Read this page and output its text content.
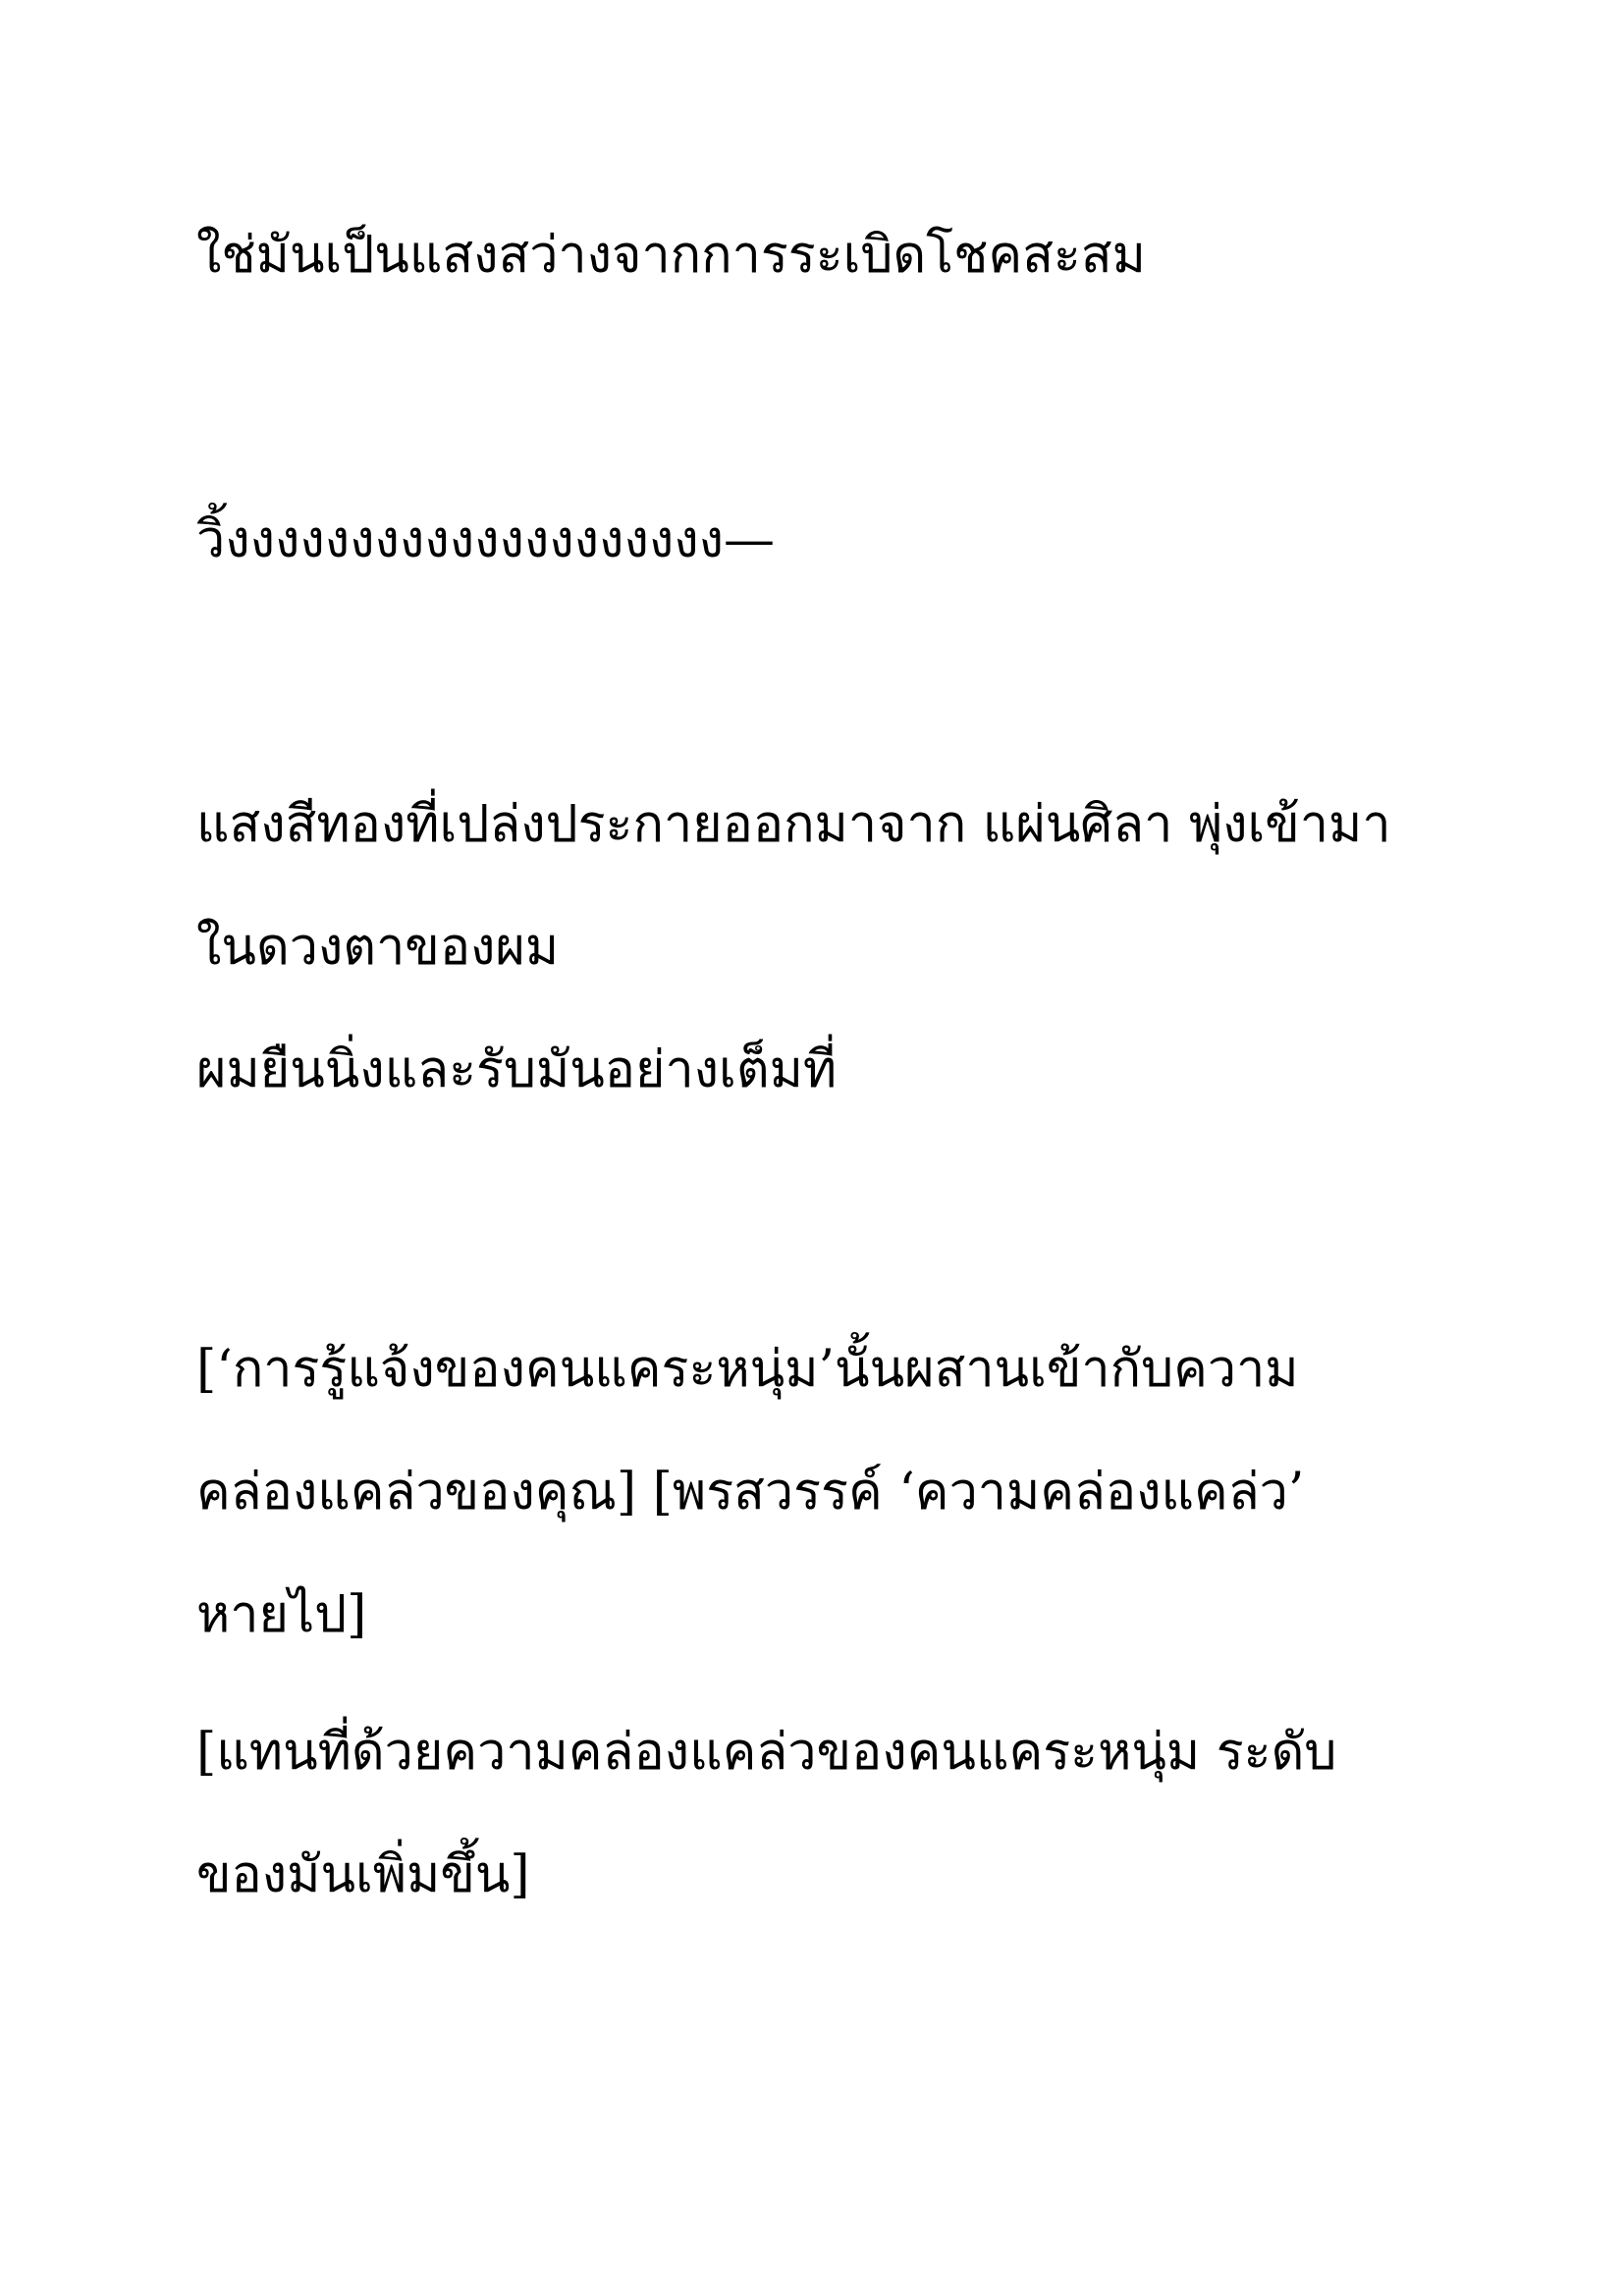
ใช่มันเป็นแสงสว่างจากการระเบิดโชคสะสม

วิ้งงงงงงงงงงงงงงงงงงงง—

แสงสีทองที่เปล่งประกายออกมาจาก แผ่นศิลา พุ่งเข้ามา

ในดวงตาของผม

ผมยืนนิ่งและรับมันอย่างเต็มที่

[‘การรู้แจ้งของคนแคระหนุ่ม’นั้นผสานเข้ากับความ

คล่องแคล่วของคุณ] [พรสวรรค์ ‘ความคล่องแคล่ว’

หายไป]

[แทนที่ด้วยความคล่องแคล่วของคนแคระหนุ่ม ระดับ

ของมันเพิ่มขึ้น]
